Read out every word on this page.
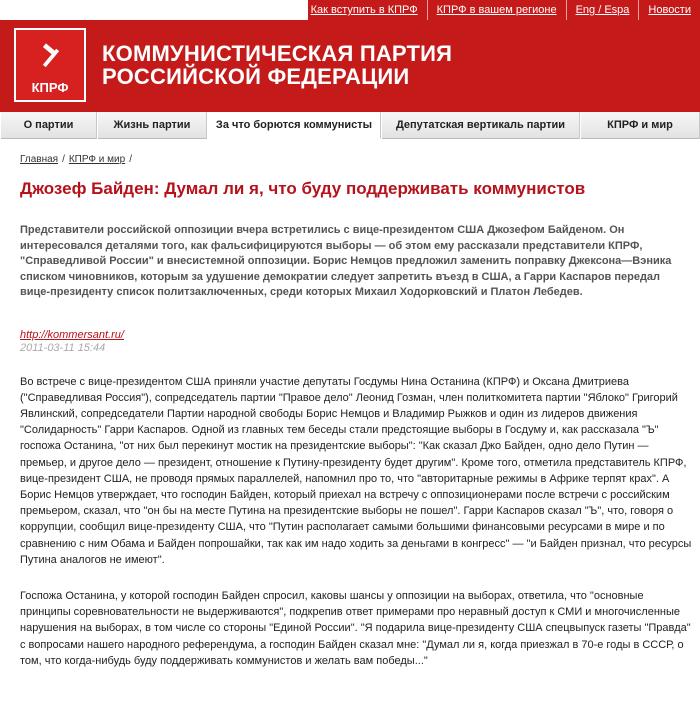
Как вступить в КПРФ	КПРФ в вашем регионе	Eng / Espa	Новости
КПРФ
КОММУНИСТИЧЕСКАЯ ПАРТИЯ
РОССИЙСКОЙ ФЕДЕРАЦИИ
О партии	Жизнь партии	За что борются коммунисты	Депутатская вертикаль партии	КПРФ и мир
Главная / КПРФ и мир /
Джозеф Байден: Думал ли я, что буду поддерживать коммунистов
Представители российской оппозиции вчера встретились с вице-президентом США Джозефом Байденом. Он интересовался деталями того, как фальсифицируются выборы — об этом ему рассказали представители КПРФ, "Справедливой России" и внесистемной оппозиции. Борис Немцов предложил заменить поправку Джексона—Вэника списком чиновников, которым за удушение демократии следует запретить въезд в США, а Гарри Каспаров передал вице-президенту список политзаключенных, среди которых Михаил Ходорковский и Платон Лебедев.
http://kommersant.ru/
2011-03-11 15:44
Во встрече с вице-президентом США приняли участие депутаты Госдумы Нина Останина (КПРФ) и Оксана Дмитриева ("Справедливая Россия"), сопредседатель партии "Правое дело" Леонид Гозман, член политкомитета партии "Яблоко" Григорий Явлинский, сопредседатели Партии народной свободы Борис Немцов и Владимир Рыжков и один из лидеров движения "Солидарность" Гарри Каспаров. Одной из главных тем беседы стали предстоящие выборы в Госдуму и, как рассказала "Ъ" госпожа Останина, "от них был перекинут мостик на президентские выборы": "Как сказал Джо Байден, одно дело Путин — премьер, и другое дело — президент, отношение к Путину-президенту будет другим". Кроме того, отметила представитель КПРФ, вице-президент США, не проводя прямых параллелей, напомнил про то, что "авторитарные режимы в Африке терпят крах". А Борис Немцов утверждает, что господин Байден, который приехал на встречу с оппозиционерами после встречи с российским премьером, сказал, что "он бы на месте Путина на президентские выборы не пошел". Гарри Каспаров сказал "Ъ", что, говоря о коррупции, сообщил вице-президенту США, что "Путин располагает самыми большими финансовыми ресурсами в мире и по сравнению с ним Обама и Байден попрошайки, так как им надо ходить за деньгами в конгресс" — "и Байден признал, что ресурсы Путина аналогов не имеют".
Госпожа Останина, у которой господин Байден спросил, каковы шансы у оппозиции на выборах, ответила, что "основные принципы соревновательности не выдерживаются", подкрепив ответ примерами про неравный доступ к СМИ и многочисленные нарушения на выборах, в том числе со стороны "Единой России". "Я подарила вице-президенту США спецвыпуск газеты "Правда" с вопросами нашего народного референдума, а господин Байден сказал мне: "Думал ли я, когда приезжал в 70-е годы в СССР, о том, что когда-нибудь буду поддерживать коммунистов и желать вам победы..."
